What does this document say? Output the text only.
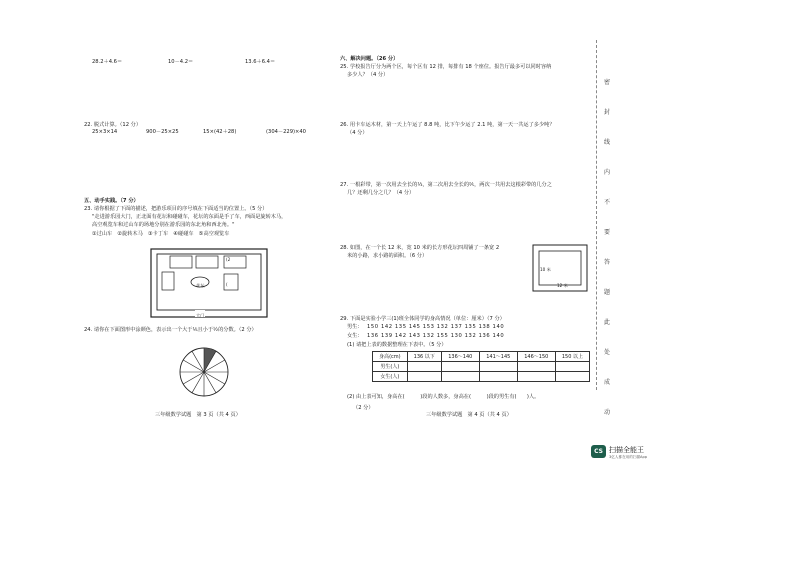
28.2＋4.6＝	10－4.2＝	13.6＋6.4＝
22. 脱式计算。（12 分）
25×3×14	900－25×25	15×(42＋28)	(304－229)×40
五、动手实践。（7 分）
23. 请你根据了下面的描述，把游乐项目的序号填在下面适当的位置上。（5 分）
"走进游乐园大门，正北面有花坛和碰碰车，花坛的东面是手了车，西面是旋转木马，
高空观览车和过山车的场地分别在游乐园的东北角和西北角。"
①过山车　②旋转木马　③卡丁车　④碰碰车　⑤高空观览车
花坛
大门
(2
(
24. 请你在下面图形中涂颜色，表示出一个大于⅙且小于½的分数。（2 分）
三年级数学试题　第 3 页（共 4 页）
六、解决问题。（26 分）
25. 学校报告厅分为两个区，每个区有 12 排，每排有 18 个座位。报告厅最多可以同时容纳
多少人？（4 分）
26. 用卡车运木材，第一天上午运了 8.8 吨，比下午少运了 2.1 吨，第一天一共运了多少吨？
（4 分）
27. 一根彩带，第一次用去全长的⅓，第二次用去全长的⅖，两次一共用去这根彩带的几分之
几？还剩几分之几？（4 分）
28. 如图，在一个长 12 米，宽 10 米的长方形花坛四周铺了一条宽 2
米的小路，求小路的面积。（6 分）
10 米
12 米
29. 下面是实验小学三(1)班全体同学的身高情况（单位：厘米）（7 分）
男生： 150 142 135 145 153 132 137 135 138 140
女生： 136 139 142 143 132 155 130 132 136 140
(1) 请把上表的数据整理在下表中。（5 分）
身高(cm)	136 以下	136～140	141～145	146～150	150 以上
男生(人)					
女生(人)					
(2) 由上表可知，身高在(　　　)段的人数多，身高在(　　　)段的男生有(　　)人。
（2 分）
三年级数学试题　第 4 页（共 4 页）
密
封
线
内
不
要
答
题
此
处
成
动
CS 扫描全能王
3亿人都在用的扫描App
